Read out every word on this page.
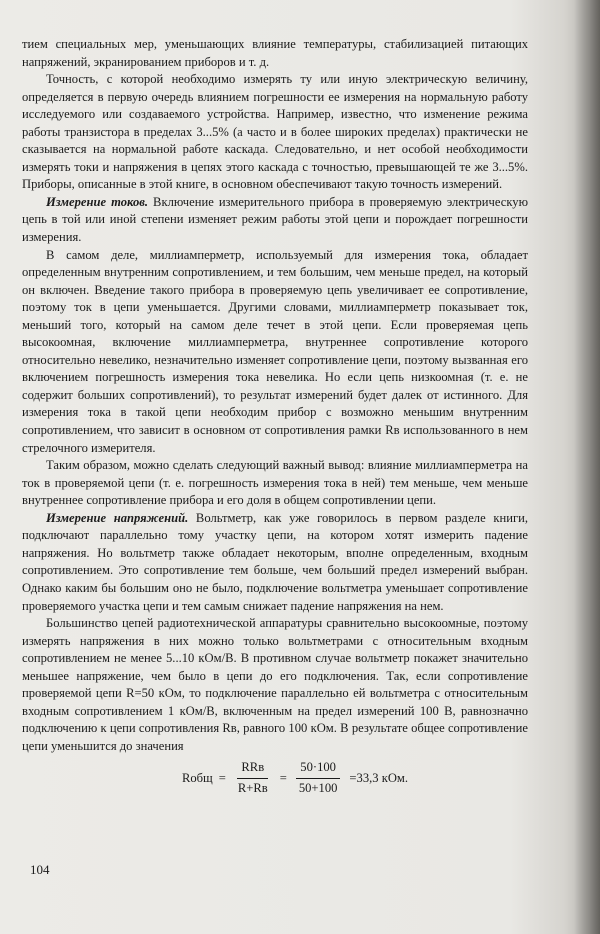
тием специальных мер, уменьшающих влияние температуры, стабилизацией питающих напряжений, экранированием приборов и т. д.

Точность, с которой необходимо измерять ту или иную электрическую величину, определяется в первую очередь влиянием погрешности ее измерения на нормальную работу исследуемого или создаваемого устройства. Например, известно, что изменение режима работы транзистора в пределах 3...5% (а часто и в более широких пределах) практически не сказывается на нормальной работе каскада. Следовательно, и нет особой необходимости измерять токи и напряжения в цепях этого каскада с точностью, превышающей те же 3...5%. Приборы, описанные в этой книге, в основном обеспечивают такую точность измерений.

Измерение токов. Включение измерительного прибора в проверяемую электрическую цепь в той или иной степени изменяет режим работы этой цепи и порождает погрешности измерения.

В самом деле, миллиамперметр, используемый для измерения тока, обладает определенным внутренним сопротивлением, и тем большим, чем меньше предел, на который он включен. Введение такого прибора в проверяемую цепь увеличивает ее сопротивление, поэтому ток в цепи уменьшается. Другими словами, миллиамперметр показывает ток, меньший того, который на самом деле течет в этой цепи. Если проверяемая цепь высокоомная, включение миллиамперметра, внутреннее сопротивление которого относительно невелико, незначительно изменяет сопротивление цепи, поэтому вызванная его включением погрешность измерения тока невелика. Но если цепь низкоомная (т. е. не содержит больших сопротивлений), то результат измерений будет далек от истинного. Для измерения тока в такой цепи необходим прибор с возможно меньшим внутренним сопротивлением, что зависит в основном от сопротивления рамки Rв использованного в нем стрелочного измерителя.

Таким образом, можно сделать следующий важный вывод: влияние миллиамперметра на ток в проверяемой цепи (т. е. погрешность измерения тока в ней) тем меньше, чем меньше внутреннее сопротивление прибора и его доля в общем сопротивлении цепи.

Измерение напряжений. Вольтметр, как уже говорилось в первом разделе книги, подключают параллельно тому участку цепи, на котором хотят измерить падение напряжения. Но вольтметр также обладает некоторым, вполне определенным, входным сопротивлением. Это сопротивление тем больше, чем больший предел измерений выбран. Однако каким бы большим оно не было, подключение вольтметра уменьшает сопротивление проверяемого участка цепи и тем самым снижает падение напряжения на нем.

Большинство цепей радиотехнической аппаратуры сравнительно высокоомные, поэтому измерять напряжения в них можно только вольтметрами с относительным входным сопротивлением не менее 5...10 кОм/В. В противном случае вольтметр покажет значительно меньшее напряжение, чем было в цепи до его подключения. Так, если сопротивление проверяемой цепи R=50 кОм, то подключение параллельно ей вольтметра с относительным входным сопротивлением 1 кОм/В, включенным на предел измерений 100 В, равнозначно подключению к цепи сопротивления Rв, равного 100 кОм. В результате общее сопротивление цепи уменьшится до значения

Rобщ = $\frac{\text{RRв}}{R+Rв} = \frac{50\cdot 100}{50+100} =33,3$ кОм.
104
